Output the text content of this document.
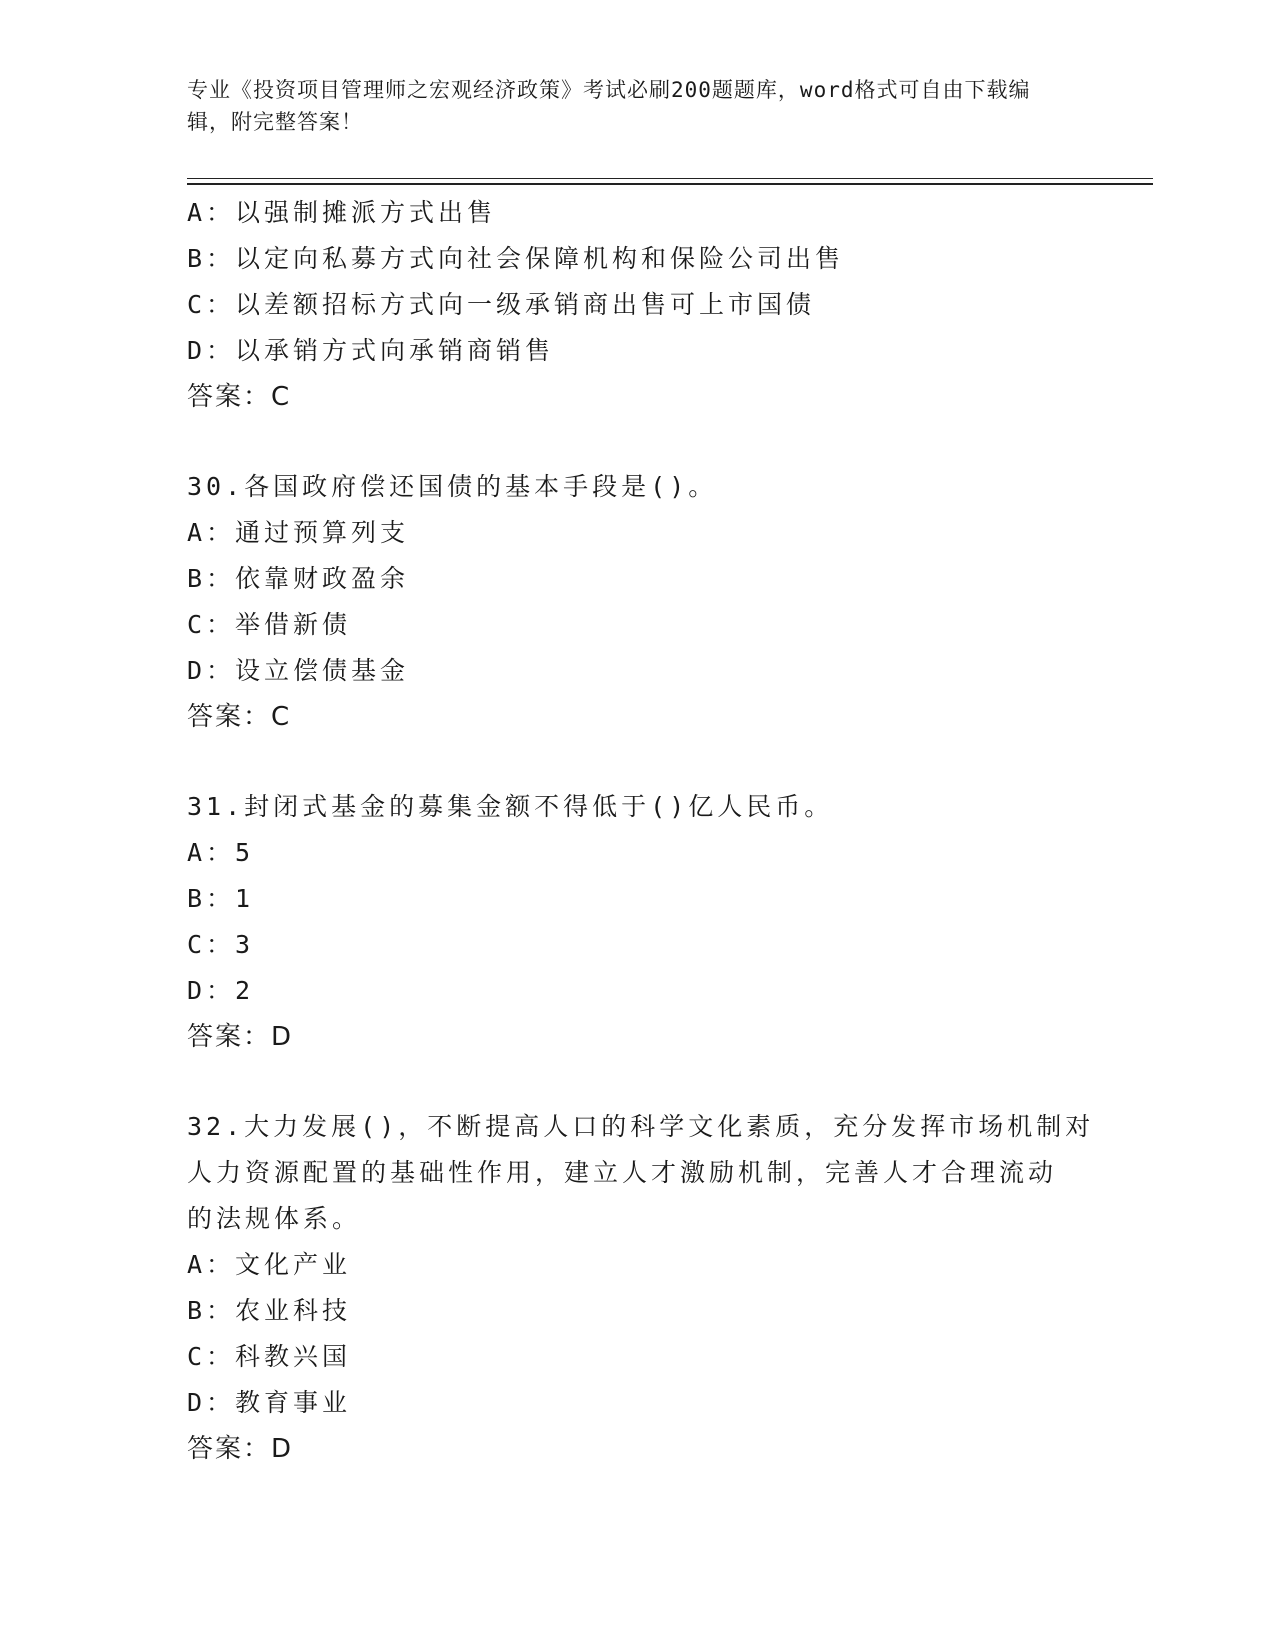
专业《投资项目管理师之宏观经济政策》考试必刷200题题库，word格式可自由下载编辑，附完整答案！
A：以强制摊派方式出售
B：以定向私募方式向社会保障机构和保险公司出售
C：以差额招标方式向一级承销商出售可上市国债
D：以承销方式向承销商销售
答案：C
30.各国政府偿还国债的基本手段是()。
A：通过预算列支
B：依靠财政盈余
C：举借新债
D：设立偿债基金
答案：C
31.封闭式基金的募集金额不得低于()亿人民币。
A：5
B：1
C：3
D：2
答案：D
32.大力发展()，不断提高人口的科学文化素质，充分发挥市场机制对
人力资源配置的基础性作用，建立人才激励机制，完善人才合理流动
的法规体系。
A：文化产业
B：农业科技
C：科教兴国
D：教育事业
答案：D
